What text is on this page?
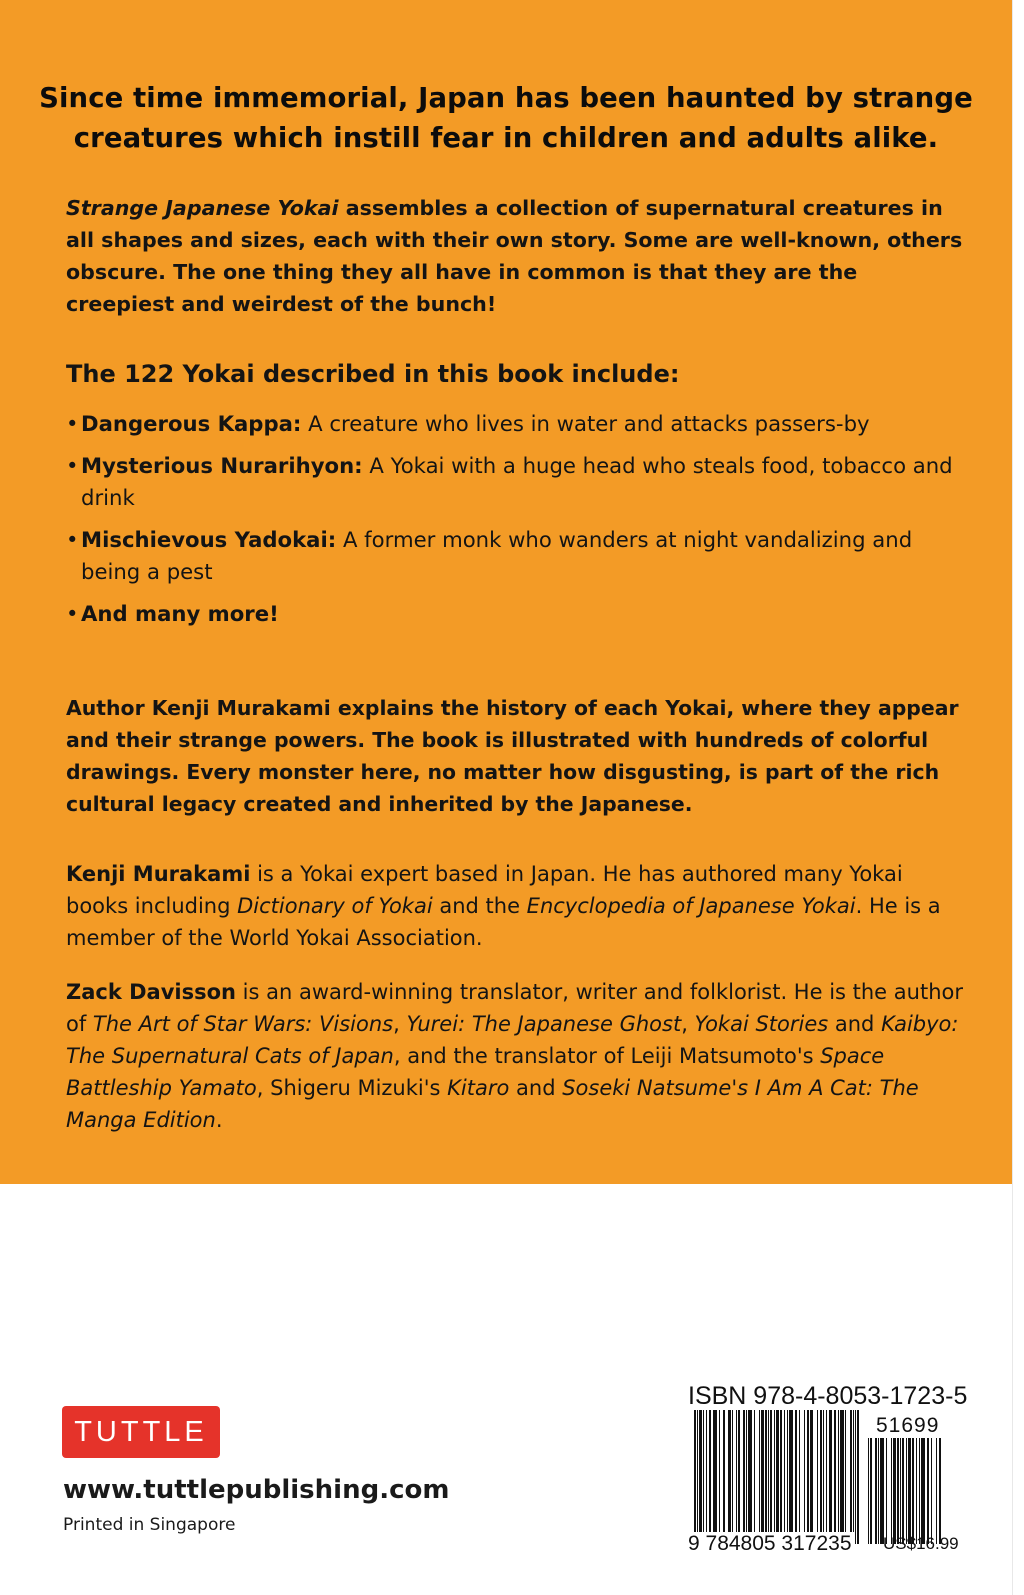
Since time immemorial, Japan has been haunted by strange
creatures which instill fear in children and adults alike.

Strange Japanese Yokai assembles a collection of supernatural creatures in all shapes and sizes, each with their own story. Some are well-known, others obscure. The one thing they all have in common is that they are the creepiest and weirdest of the bunch!

The 122 Yokai described in this book include:

• Dangerous Kappa: A creature who lives in water and attacks passers-by
• Mysterious Nurarihyon: A Yokai with a huge head who steals food, tobacco and drink
• Mischievous Yadokai: A former monk who wanders at night vandalizing and being a pest
• And many more!

Author Kenji Murakami explains the history of each Yokai, where they appear and their strange powers. The book is illustrated with hundreds of colorful drawings. Every monster here, no matter how disgusting, is part of the rich cultural legacy created and inherited by the Japanese.

Kenji Murakami is a Yokai expert based in Japan. He has authored many Yokai books including Dictionary of Yokai and the Encyclopedia of Japanese Yokai. He is a member of the World Yokai Association.

Zack Davisson is an award-winning translator, writer and folklorist. He is the author of The Art of Star Wars: Visions, Yurei: The Japanese Ghost, Yokai Stories and Kaibyo: The Supernatural Cats of Japan, and the translator of Leiji Matsumoto's Space Battleship Yamato, Shigeru Mizuki's Kitaro and Soseki Natsume's I Am A Cat: The Manga Edition.

TUTTLE

www.tuttlepublishing.com

Printed in Singapore

ISBN 978-4-8053-1723-5

51699

9 784805 317235 US$16.99
